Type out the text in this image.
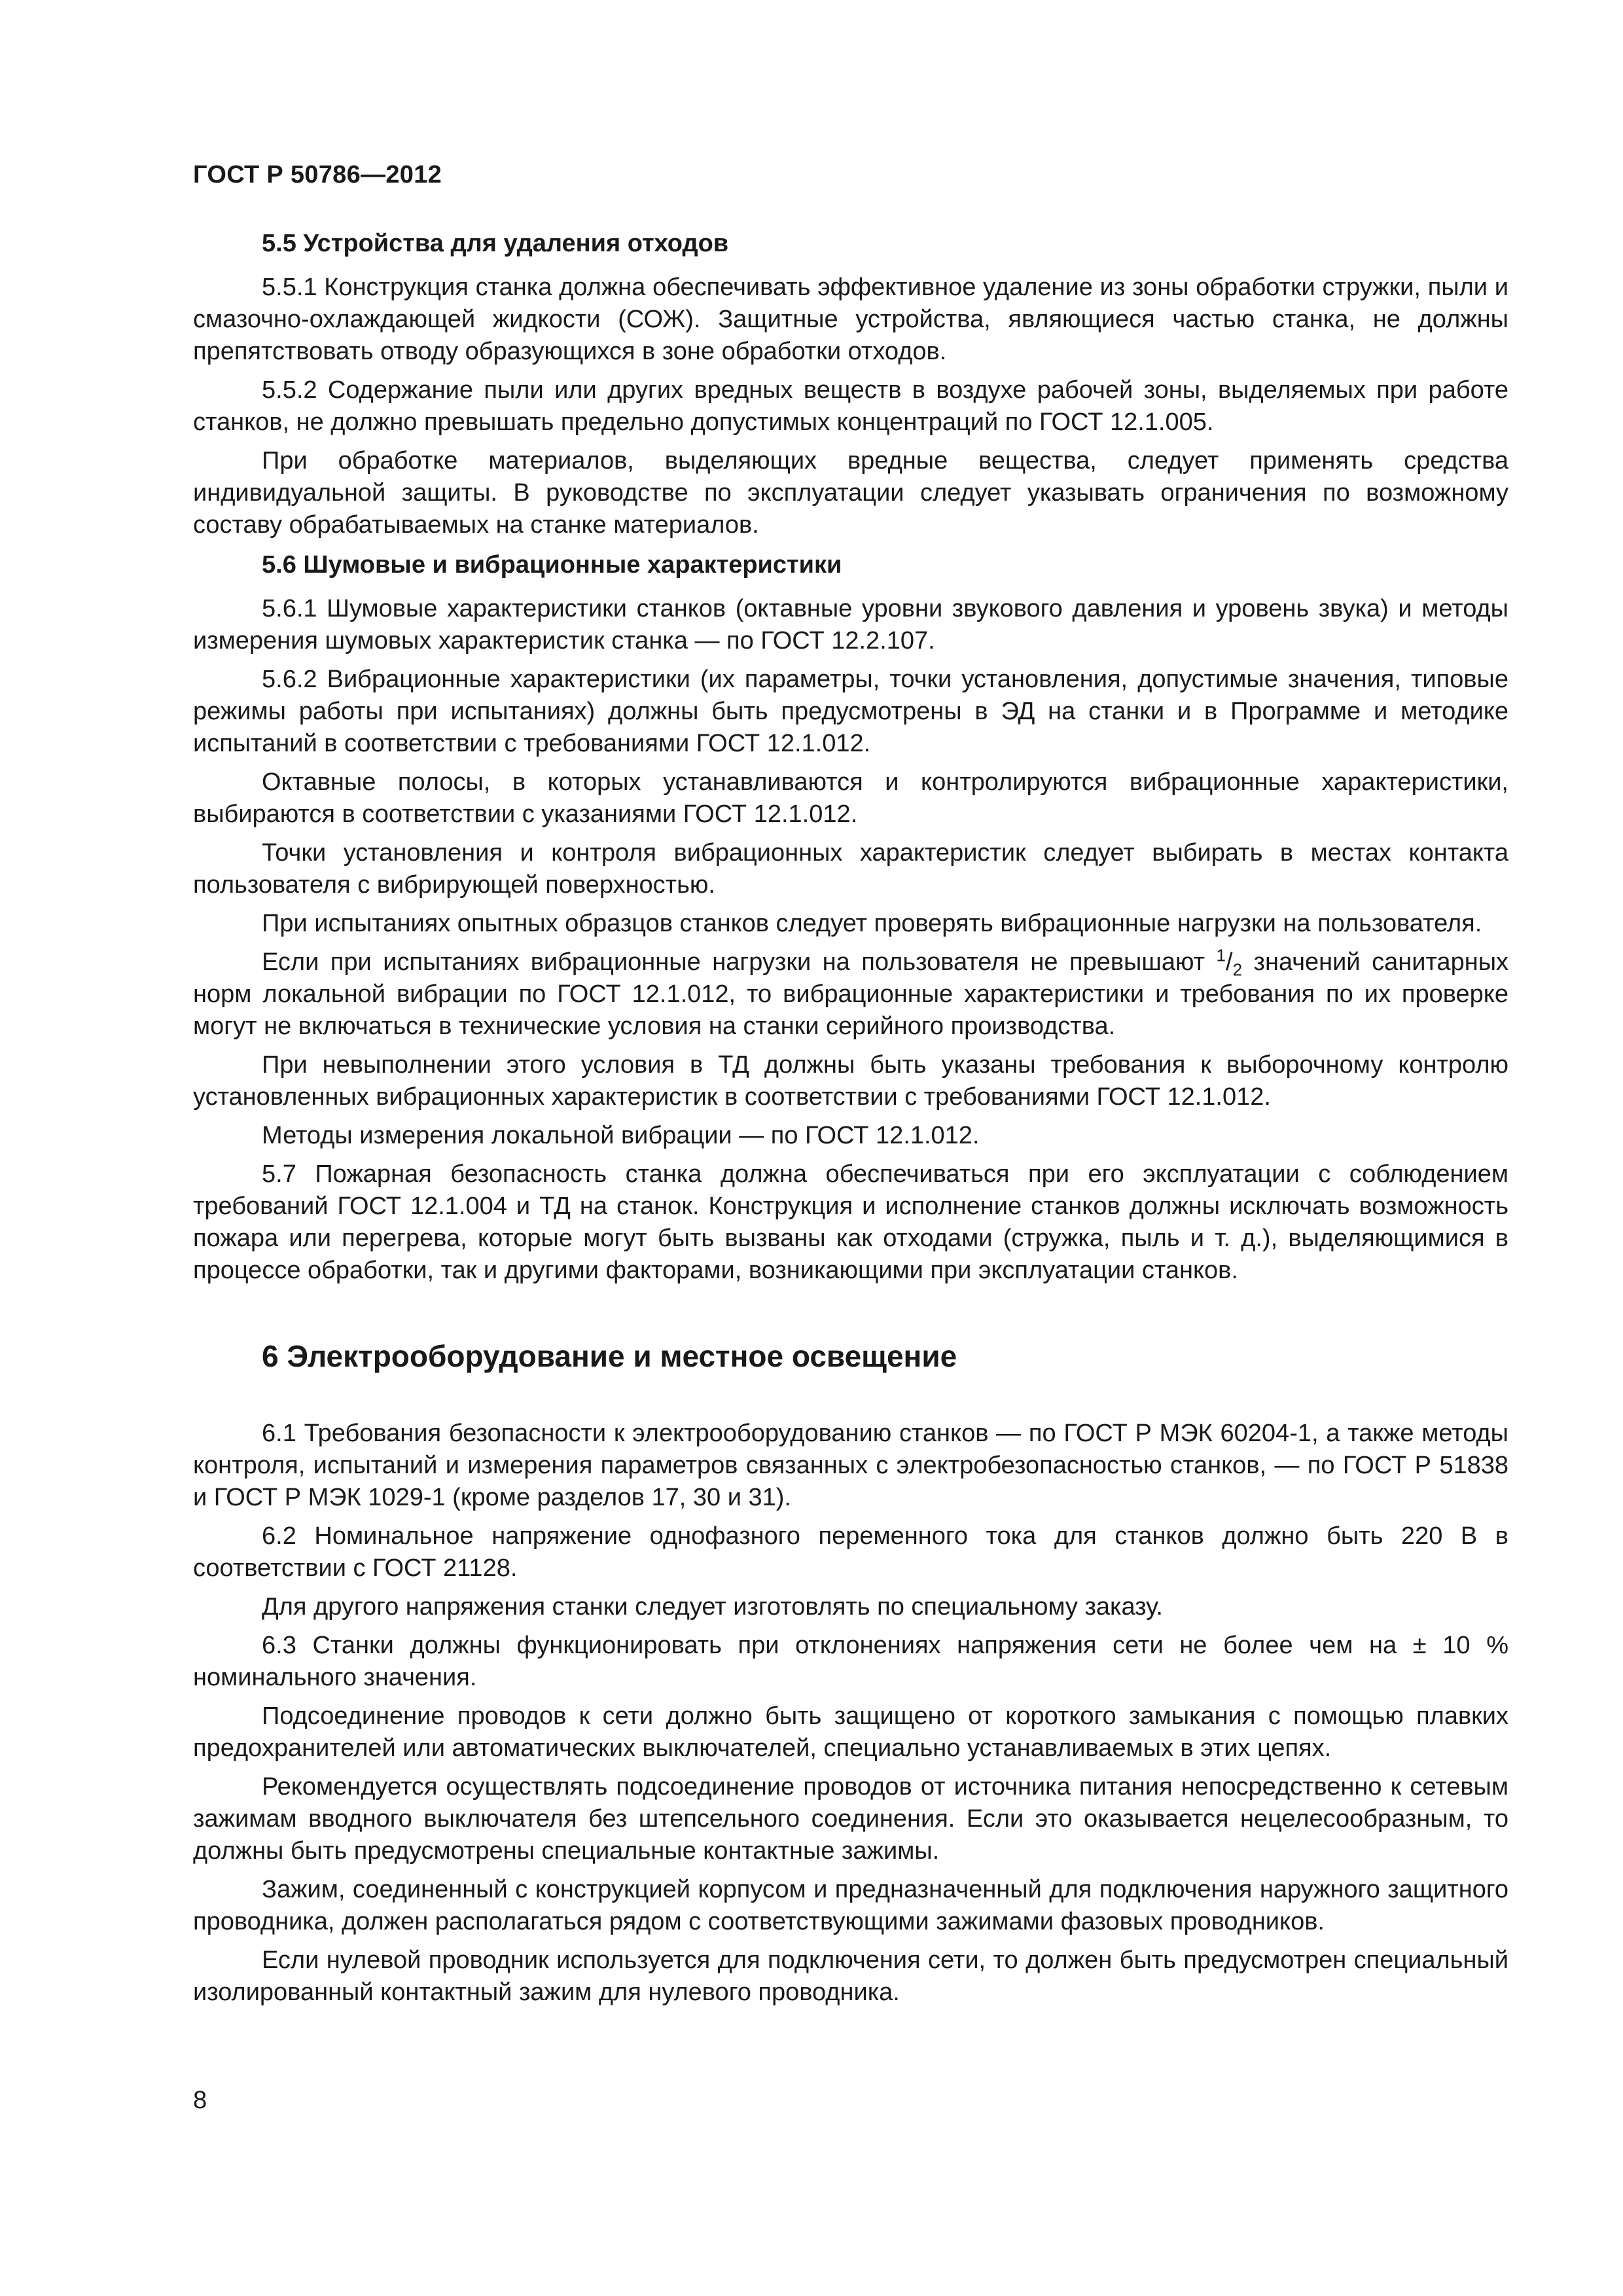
ГОСТ Р 50786—2012
5.5 Устройства для удаления отходов

5.5.1 Конструкция станка должна обеспечивать эффективное удаление из зоны обработки стружки, пыли и смазочно-охлаждающей жидкости (СОЖ). Защитные устройства, являющиеся частью станка, не должны препятствовать отводу образующихся в зоне обработки отходов.

5.5.2 Содержание пыли или других вредных веществ в воздухе рабочей зоны, выделяемых при работе станков, не должно превышать предельно допустимых концентраций по ГОСТ 12.1.005.

При обработке материалов, выделяющих вредные вещества, следует применять средства индивидуальной защиты. В руководстве по эксплуатации следует указывать ограничения по возможному составу обрабатываемых на станке материалов.

5.6 Шумовые и вибрационные характеристики

5.6.1 Шумовые характеристики станков (октавные уровни звукового давления и уровень звука) и методы измерения шумовых характеристик станка — по ГОСТ 12.2.107.

5.6.2 Вибрационные характеристики (их параметры, точки установления, допустимые значения, типовые режимы работы при испытаниях) должны быть предусмотрены в ЭД на станки и в Программе и методике испытаний в соответствии с требованиями ГОСТ 12.1.012.

Октавные полосы, в которых устанавливаются и контролируются вибрационные характеристики, выбираются в соответствии с указаниями ГОСТ 12.1.012.

Точки установления и контроля вибрационных характеристик следует выбирать в местах контакта пользователя с вибрирующей поверхностью.

При испытаниях опытных образцов станков следует проверять вибрационные нагрузки на пользователя.

Если при испытаниях вибрационные нагрузки на пользователя не превышают $^1/_2$ значений санитарных норм локальной вибрации по ГОСТ 12.1.012, то вибрационные характеристики и требования по их проверке могут не включаться в технические условия на станки серийного производства.

При невыполнении этого условия в ТД должны быть указаны требования к выборочному контролю установленных вибрационных характеристик в соответствии с требованиями ГОСТ 12.1.012.

Методы измерения локальной вибрации — по ГОСТ 12.1.012.

5.7 Пожарная безопасность станка должна обеспечиваться при его эксплуатации с соблюдением требований ГОСТ 12.1.004 и ТД на станок. Конструкция и исполнение станков должны исключать возможность пожара или перегрева, которые могут быть вызваны как отходами (стружка, пыль и т. д.), выделяющимися в процессе обработки, так и другими факторами, возникающими при эксплуатации станков.

6 Электрооборудование и местное освещение

6.1 Требования безопасности к электрооборудованию станков — по ГОСТ Р МЭК 60204-1, а также методы контроля, испытаний и измерения параметров связанных с электробезопасностью станков, — по ГОСТ Р 51838 и ГОСТ Р МЭК 1029-1 (кроме разделов 17, 30 и 31).

6.2 Номинальное напряжение однофазного переменного тока для станков должно быть 220 В в соответствии с ГОСТ 21128.

Для другого напряжения станки следует изготовлять по специальному заказу.

6.3 Станки должны функционировать при отклонениях напряжения сети не более чем на ± 10 % номинального значения.

Подсоединение проводов к сети должно быть защищено от короткого замыкания с помощью плавких предохранителей или автоматических выключателей, специально устанавливаемых в этих цепях.

Рекомендуется осуществлять подсоединение проводов от источника питания непосредственно к сетевым зажимам вводного выключателя без штепсельного соединения. Если это оказывается нецелесообразным, то должны быть предусмотрены специальные контактные зажимы.

Зажим, соединенный с конструкцией корпусом и предназначенный для подключения наружного защитного проводника, должен располагаться рядом с соответствующими зажимами фазовых проводников.

Если нулевой проводник используется для подключения сети, то должен быть предусмотрен специальный изолированный контактный зажим для нулевого проводника.

8
